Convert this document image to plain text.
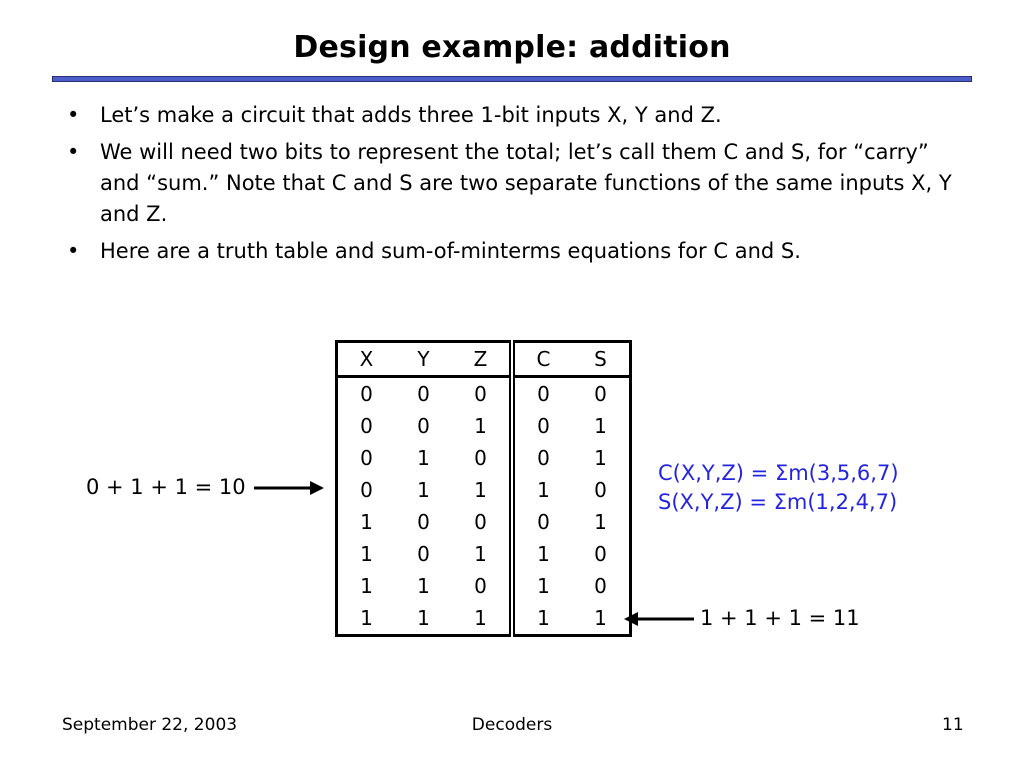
Design example: addition
• Let’s make a circuit that adds three 1-bit inputs X, Y and Z.
• We will need two bits to represent the total; let’s call them C and S, for “carry” and “sum.” Note that C and S are two separate functions of the same inputs X, Y and Z.
• Here are a truth table and sum-of-minterms equations for C and S.
X	Y	Z	C	S
0	0	0	0	0
0	0	1	0	1
0	1	0	0	1
0	1	1	1	0
1	0	0	0	1
1	0	1	1	0
1	1	0	1	0
1	1	1	1	1
0 + 1 + 1 = 10
1 + 1 + 1 = 11
C(X,Y,Z) = Σm(3,5,6,7)
S(X,Y,Z) = Σm(1,2,4,7)
September 22, 2003	Decoders	11
